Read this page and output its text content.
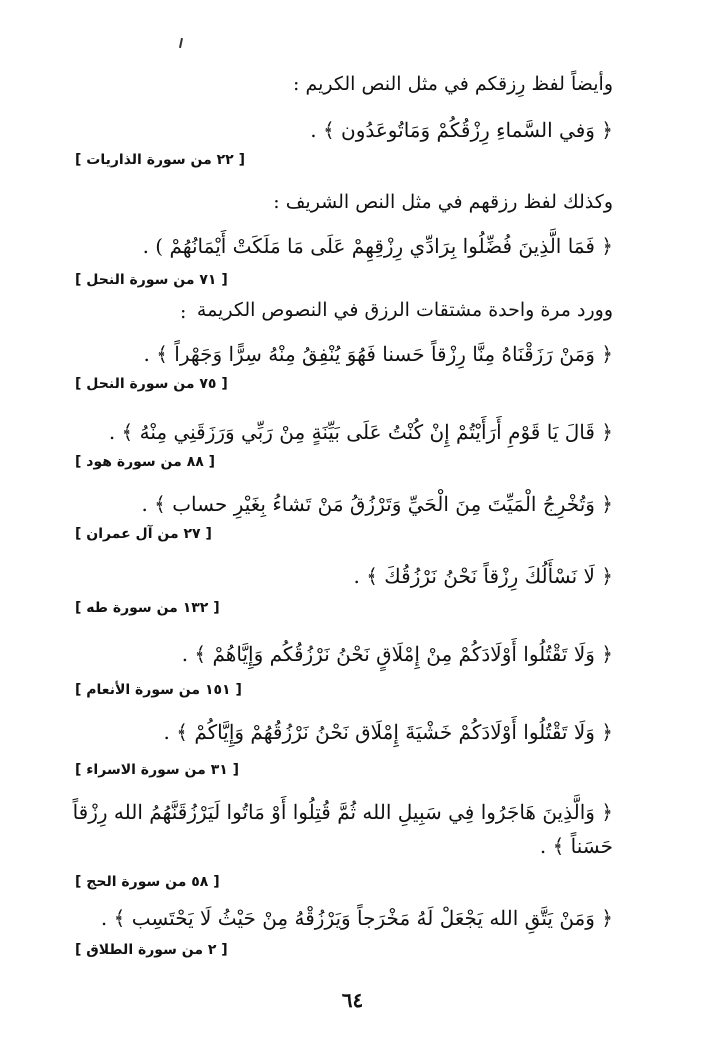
وأيضاً لفظ رِزقكم في مثل النص الكريم :
﴿ وَفي السَّماءِ رِزْقُكُمْ وَمَاتُوعَدُون ﴾ .
[ ٢٢ من سورة الذاريات ]
وكذلك لفظ رزقهم في مثل النص الشريف :
﴿ فَمَا الَّذِينَ فُضِّلُوا بِرَادِّي رِزْقِهِمْ عَلَى مَا مَلَكَتْ أَيْمَانُهُمْ ) .
[ ٧١ من سورة النحل ]
وورد مرة واحدة مشتقات الرزق في النصوص الكريمة
:
﴿ وَمَنْ رَزَقْنَاهُ مِنَّا رِزْقاً حَسنا فَهُوَ يُنْفِقُ مِنْهُ سِرًّا وَجَهْراً ﴾ .
[ ٧٥ من سورة النحل ]
﴿ قَالَ يَا قَوْمِ أَرَأَيْتُمْ إِنْ كُنْتُ عَلَى بَيِّنَةٍ مِنْ رَبِّي وَرَزَقَنِي مِنْهُ ﴾ .
[ ٨٨ من سورة هود ]
﴿ وَتُخْرِجُ الْمَيِّتَ مِنَ الْحَيِّ وَتَرْزُقُ مَنْ تَشاءُ بِغَيْرِ حساب ﴾ .
[ ٢٧ من آل عمران ]
﴿ لَا نَسْأَلُكَ رِزْقاً نَحْنُ نَرْزُقُكَ ﴾ .
[ ١٣٢ من سورة طه ]
﴿ وَلَا تَقْتُلُوا أَوْلَادَكُمْ مِنْ إِمْلَاقٍ نَحْنُ نَرْزُقُكُم وَإِيَّاهُمْ ﴾ .
[ ١٥١ من سورة الأنعام ]
﴿ وَلَا تَقْتُلُوا أَوْلَادَكُمْ خَشْيَةَ إِمْلَاق نَحْنُ نَرْزُقُهُمْ وَإِيَّاكُمْ ﴾ .
[ ٣١ من سورة الاسراء ]
﴿ وَالَّذِينَ هَاجَرُوا فِي سَبِيلِ الله ثُمَّ قُتِلُوا أَوْ مَاتُوا لَيَرْزُقَنَّهُمُ الله رِزْقاً
حَسَناً ﴾ .
[ ٥٨ من سورة الحج ]
﴿ وَمَنْ يَتَّقِ الله يَجْعَلْ لَهُ مَخْرَجاً وَيَرْزُقْهُ مِنْ حَيْثُ لَا يَحْتَسِب ﴾ .
[ ٢ من سورة الطلاق ]
٦٤
